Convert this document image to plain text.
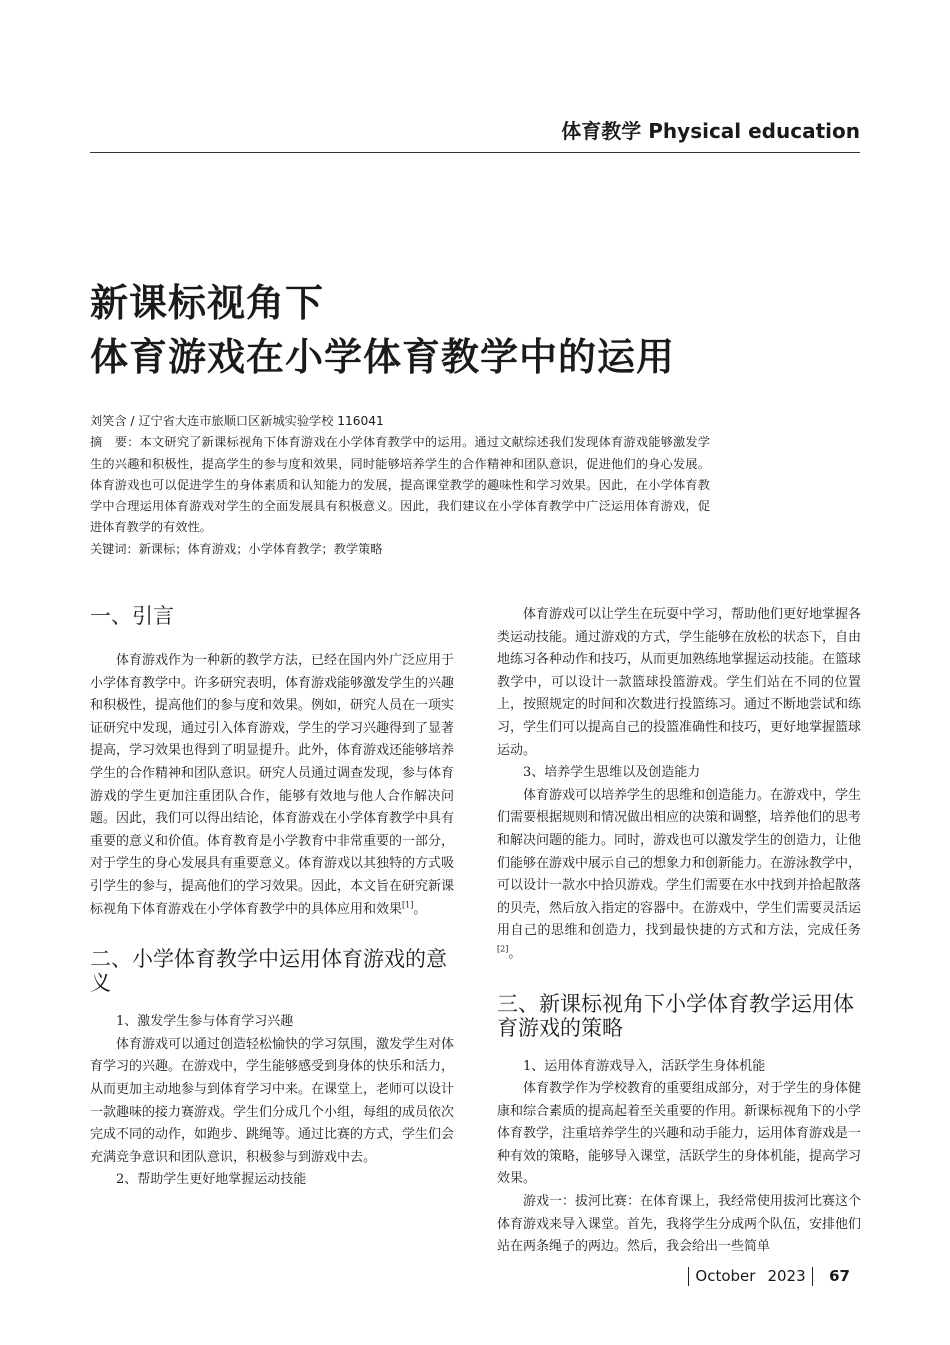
体育教学 Physical education
新课标视角下
体育游戏在小学体育教学中的运用

刘笑含 / 辽宁省大连市旅顺口区新城实验学校 116041

摘　要：本文研究了新课标视角下体育游戏在小学体育教学中的运用。通过文献综述我们发现体育游戏能够激发学生的兴趣和积极性，提高学生的参与度和效果，同时能够培养学生的合作精神和团队意识，促进他们的身心发展。体育游戏也可以促进学生的身体素质和认知能力的发展，提高课堂教学的趣味性和学习效果。因此，在小学体育教学中合理运用体育游戏对学生的全面发展具有积极意义。因此，我们建议在小学体育教学中广泛运用体育游戏，促进体育教学的有效性。

关键词：新课标；体育游戏；小学体育教学；教学策略

一、引言

体育游戏作为一种新的教学方法，已经在国内外广泛应用于小学体育教学中。许多研究表明，体育游戏能够激发学生的兴趣和积极性，提高他们的参与度和效果。例如，研究人员在一项实证研究中发现，通过引入体育游戏，学生的学习兴趣得到了显著提高，学习效果也得到了明显提升。此外，体育游戏还能够培养学生的合作精神和团队意识。研究人员通过调查发现，参与体育游戏的学生更加注重团队合作，能够有效地与他人合作解决问题。因此，我们可以得出结论，体育游戏在小学体育教学中具有重要的意义和价值。体育教育是小学教育中非常重要的一部分，对于学生的身心发展具有重要意义。体育游戏以其独特的方式吸引学生的参与，提高他们的学习效果。因此，本文旨在研究新课标视角下体育游戏在小学体育教学中的具体应用和效果[1]。

二、小学体育教学中运用体育游戏的意义

1、激发学生参与体育学习兴趣

体育游戏可以通过创造轻松愉快的学习氛围，激发学生对体育学习的兴趣。在游戏中，学生能够感受到身体的快乐和活力，从而更加主动地参与到体育学习中来。在课堂上，老师可以设计一款趣味的接力赛游戏。学生们分成几个小组，每组的成员依次完成不同的动作，如跑步、跳绳等。通过比赛的方式，学生们会充满竞争意识和团队意识，积极参与到游戏中去。

2、帮助学生更好地掌握运动技能

体育游戏可以让学生在玩耍中学习，帮助他们更好地掌握各类运动技能。通过游戏的方式，学生能够在放松的状态下，自由地练习各种动作和技巧，从而更加熟练地掌握运动技能。在篮球教学中，可以设计一款篮球投篮游戏。学生们站在不同的位置上，按照规定的时间和次数进行投篮练习。通过不断地尝试和练习，学生们可以提高自己的投篮准确性和技巧，更好地掌握篮球运动。

3、培养学生思维以及创造能力

体育游戏可以培养学生的思维和创造能力。在游戏中，学生们需要根据规则和情况做出相应的决策和调整，培养他们的思考和解决问题的能力。同时，游戏也可以激发学生的创造力，让他们能够在游戏中展示自己的想象力和创新能力。在游泳教学中，可以设计一款水中拾贝游戏。学生们需要在水中找到并拾起散落的贝壳，然后放入指定的容器中。在游戏中，学生们需要灵活运用自己的思维和创造力，找到最快捷的方式和方法，完成任务[2]。

三、新课标视角下小学体育教学运用体育游戏的策略

1、运用体育游戏导入，活跃学生身体机能

体育教学作为学校教育的重要组成部分，对于学生的身体健康和综合素质的提高起着至关重要的作用。新课标视角下的小学体育教学，注重培养学生的兴趣和动手能力，运用体育游戏是一种有效的策略，能够导入课堂，活跃学生的身体机能，提高学习效果。

游戏一：拔河比赛：在体育课上，我经常使用拔河比赛这个体育游戏来导入课堂。首先，我将学生分成两个队伍，安排他们站在两条绳子的两边。然后，我会给出一些简单

October 2023 67
